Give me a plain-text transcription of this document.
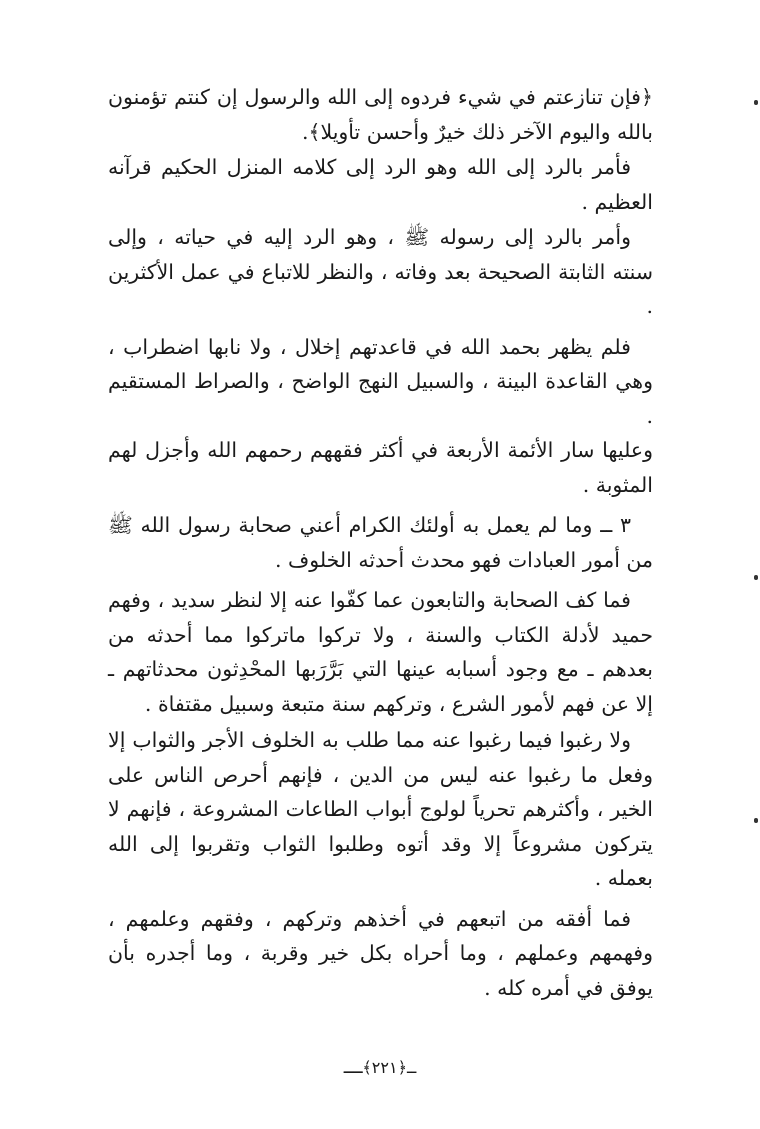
﴿فإن تنازعتم في شيء فردوه إلى الله والرسول إن كنتم تؤمنون بالله واليوم الآخر ذلك خيرٌ وأحسن تأويلا﴾.

فأمر بالرد إلى الله وهو الرد إلى كلامه المنزل الحكيم قرآنه العظيم .

وأمر بالرد إلى رسوله ﷺ ، وهو الرد إليه في حياته ، وإلى سنته الثابتة الصحيحة بعد وفاته ، والنظر للاتباع في عمل الأكثرين .

فلم يظهر بحمد الله في قاعدتهم إخلال ، ولا نابها اضطراب ، وهي القاعدة البينة ، والسبيل النهج الواضح ، والصراط المستقيم .

وعليها سار الأئمة الأربعة في أكثر فقههم رحمهم الله وأجزل لهم المثوبة .

٣ ــ وما لم يعمل به أولئك الكرام أعني صحابة رسول الله ﷺ من أمور العبادات فهو محدث أحدثه الخلوف .

فما كف الصحابة والتابعون عما كفّوا عنه إلا لنظر سديد ، وفهم حميد لأدلة الكتاب والسنة ، ولا تركوا ماتركوا مما أحدثه من بعدهم ـ مع وجود أسبابه عينها التي بَرَّرَبها المحْدِثون محدثاتهم ـ إلا عن فهم لأمور الشرع ، وتركهم سنة متبعة وسبيل مقتفاة .

ولا رغبوا فيما رغبوا عنه مما طلب به الخلوف الأجر والثواب إلا وفعل ما رغبوا عنه ليس من الدين ، فإنهم أحرص الناس على الخير ، وأكثرهم تحرياً لولوج أبواب الطاعات المشروعة ، فإنهم لا يتركون مشروعاً إلا وقد أتوه وطلبوا الثواب وتقربوا إلى الله بعمله .

فما أفقه من اتبعهم في أخذهم وتركهم ، وفقهم وعلمهم ، وفهمهم وعملهم ، وما أحراه بكل خير وقربة ، وما أجدره بأن يوفق في أمره كله .

ــ﴿٢٢١﴾ــ
